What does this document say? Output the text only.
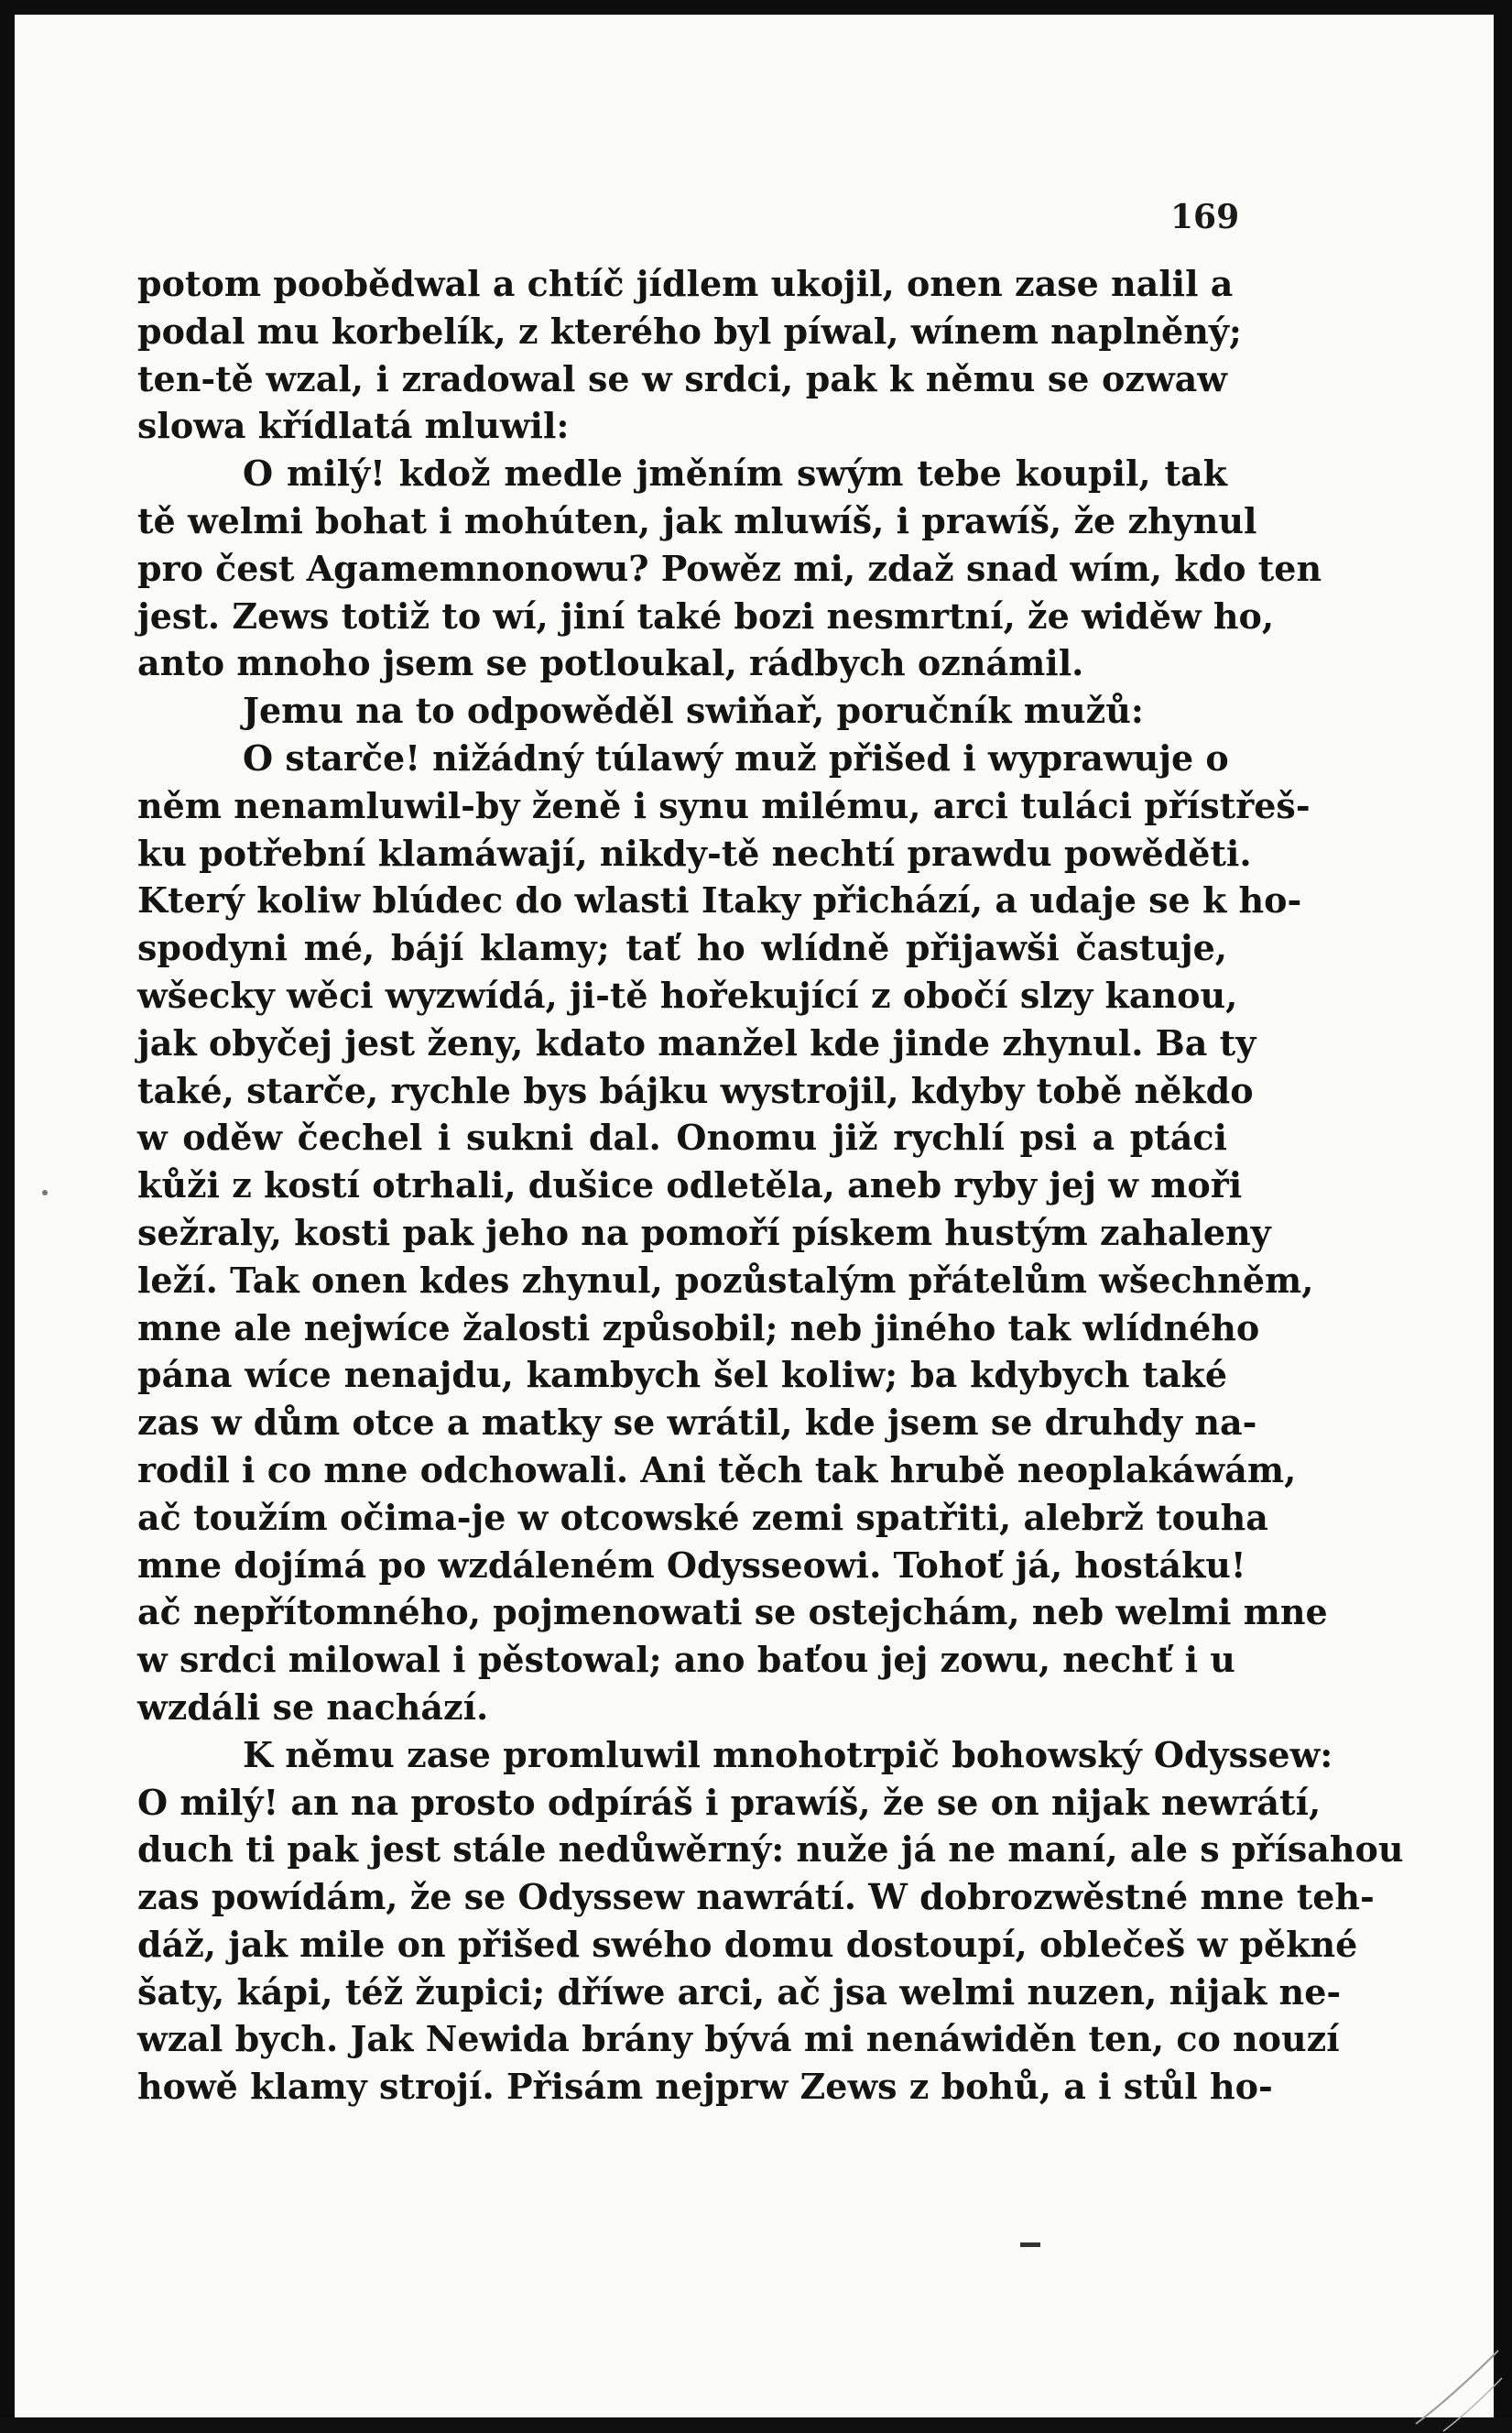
169
potom poobědwal a chtíč jídlem ukojil, onen zase nalil a
podal mu korbelík, z kterého byl píwal, wínem naplněný;
ten-tě wzal, i zradowal se w srdci, pak k němu se ozwaw
slowa křídlatá mluwil:
O milý! kdož medle jměním swým tebe koupil, tak
tě welmi bohat i mohúten, jak mluwíš, i prawíš, že zhynul
pro čest Agamemnonowu? Powěz mi, zdaž snad wím, kdo ten
jest. Zews totiž to wí, jiní také bozi nesmrtní, že widěw ho,
anto mnoho jsem se potloukal, rádbych oznámil.
Jemu na to odpowěděl swiňař, poručník mužů:
O starče! nižádný túlawý muž přišed i wyprawuje o
něm nenamluwil-by ženě i synu milému, arci tuláci přístřeš-
ku potřební klamáwají, nikdy-tě nechtí prawdu powěděti.
Který koliw blúdec do wlasti Itaky přichází, a udaje se k ho-
spodyni mé, bájí klamy; tať ho wlídně přijawši častuje,
wšecky wěci wyzwídá, ji-tě hořekující z obočí slzy kanou,
jak obyčej jest ženy, kdato manžel kde jinde zhynul. Ba ty
také, starče, rychle bys bájku wystrojil, kdyby tobě někdo
w oděw čechel i sukni dal. Onomu již rychlí psi a ptáci
kůži z kostí otrhali, dušice odletěla, aneb ryby jej w moři
sežraly, kosti pak jeho na pomoří pískem hustým zahaleny
leží. Tak onen kdes zhynul, pozůstalým přátelům wšechněm,
mne ale nejwíce žalosti způsobil; neb jiného tak wlídného
pána wíce nenajdu, kambych šel koliw; ba kdybych také
zas w dům otce a matky se wrátil, kde jsem se druhdy na-
rodil i co mne odchowali. Ani těch tak hrubě neoplakáwám,
ač toužím očima-je w otcowské zemi spatřiti, alebrž touha
mne dojímá po wzdáleném Odysseowi. Tohoť já, hostáku!
ač nepřítomného, pojmenowati se ostejchám, neb welmi mne
w srdci milowal i pěstowal; ano baťou jej zowu, nechť i u
wzdáli se nachází.
K němu zase promluwil mnohotrpič bohowský Odyssew:
O milý! an na prosto odpíráš i prawíš, že se on nijak newrátí,
duch ti pak jest stále nedůwěrný: nuže já ne maní, ale s přísahou
zas powídám, že se Odyssew nawrátí. W dobrozwěstné mne teh-
dáž, jak mile on přišed swého domu dostoupí, oblečeš w pěkné
šaty, kápi, též župici; dříwe arci, ač jsa welmi nuzen, nijak ne-
wzal bych. Jak Newida brány bývá mi nenáwiděn ten, co nouzí
howě klamy strojí. Přisám nejprw Zews z bohů, a i stůl ho-
